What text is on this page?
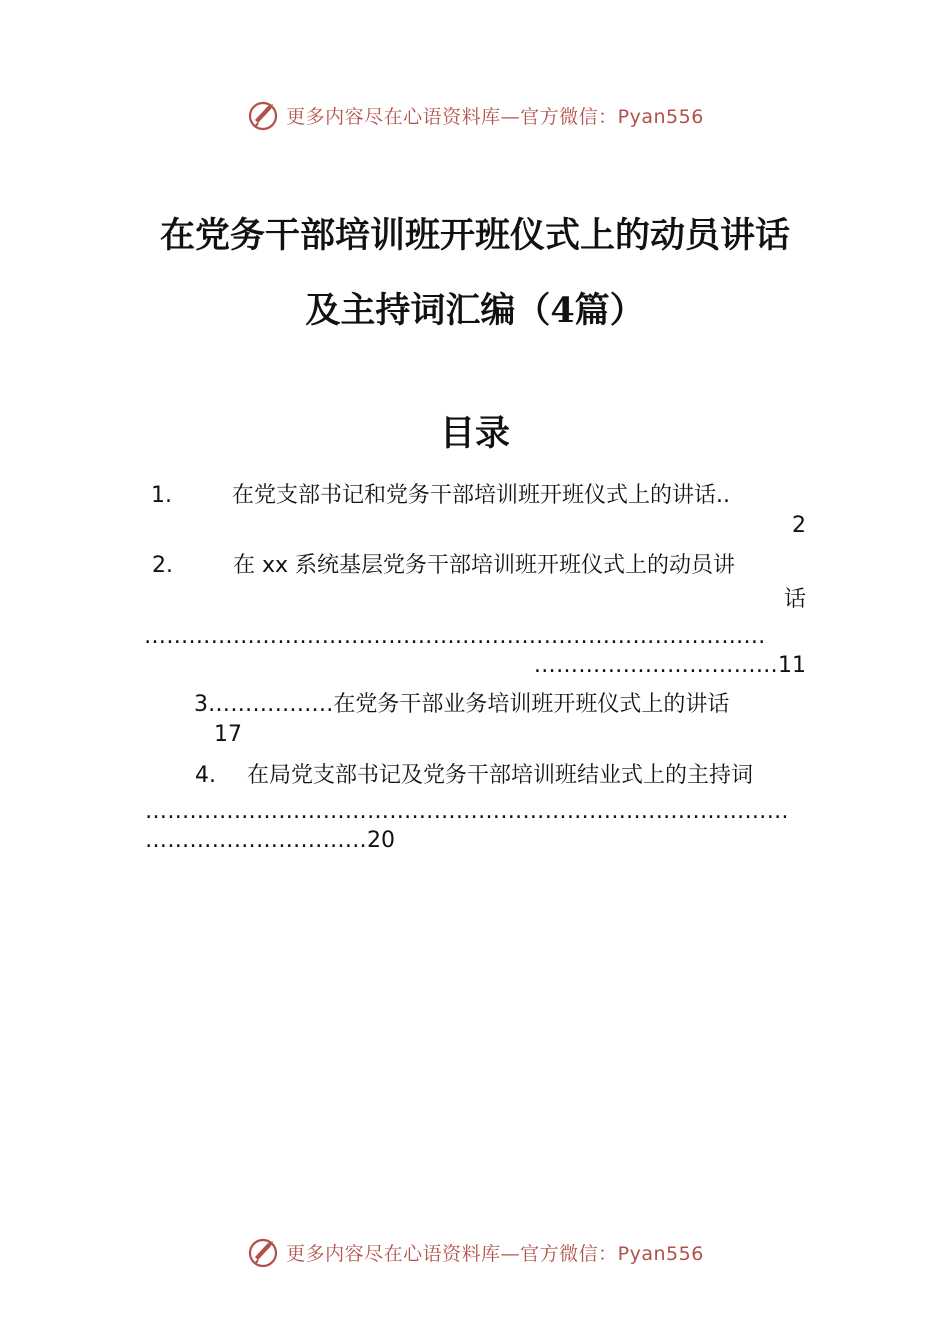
更多内容尽在心语资料库—官方微信：Pyan556
在党务干部培训班开班仪式上的动员讲话
及主持词汇编（4篇）
目录
1.	在党支部书记和党务干部培训班开班仪式上的讲话..
2
2.	在 xx 系统基层党务干部培训班开班仪式上的动员讲
话
…………………………………………………………………………
……………………………11
3……………..在党务干部业务培训班开班仪式上的讲话
17
4. 在局党支部书记及党务干部培训班结业式上的主持词
……………………………………………………………………………
…………………………20
更多内容尽在心语资料库—官方微信：Pyan556
